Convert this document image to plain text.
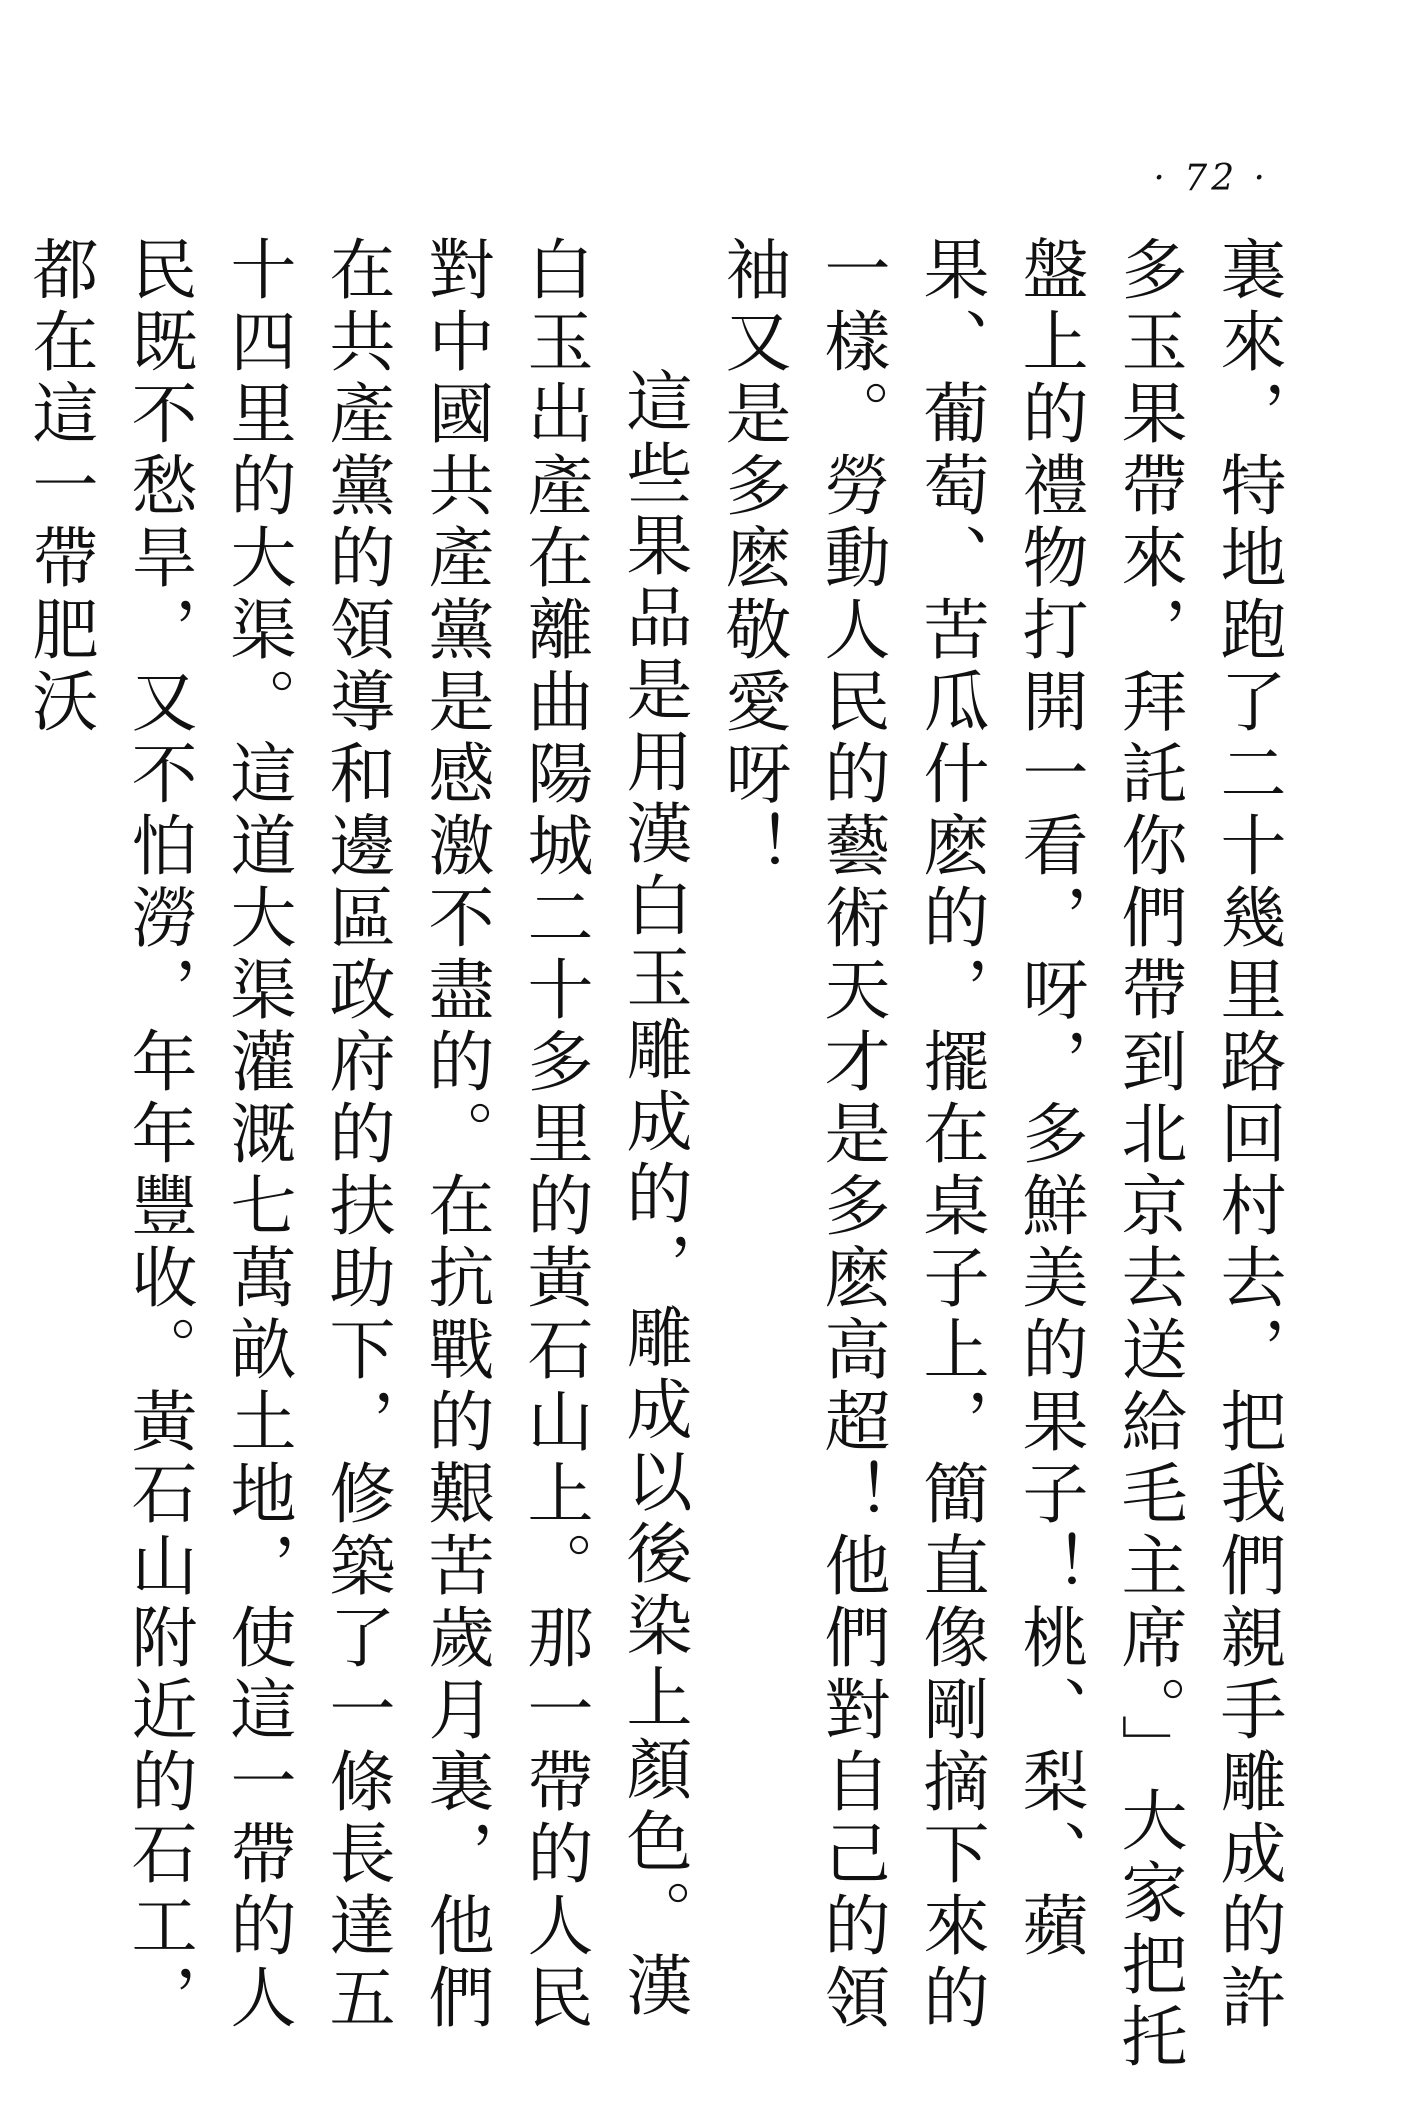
· 72 ·

裏來，特地跑了二十幾里路回村去，把我們親手雕成的許多玉果帶來，拜託你們帶到北京去送給毛主席。」大家把托盤上的禮物打開一看，呀，多鮮美的果子！桃、梨、蘋果、葡萄、苦瓜什麽的，擺在桌子上，簡直像剛摘下來的一樣。勞動人民的藝術天才是多麽高超！他們對自己的領袖又是多麽敬愛呀！

這些果品是用漢白玉雕成的，雕成以後染上顏色。漢白玉出產在離曲陽城二十多里的黃石山上。那一帶的人民對中國共產黨是感激不盡的。在抗戰的艱苦歲月裏，他們在共產黨的領導和邊區政府的扶助下，修築了一條長達五十四里的大渠。這道大渠灌溉七萬畝土地，使這一帶的人民既不愁旱，又不怕澇，年年豐收。黃石山附近的石工，都在這一帶肥沃
